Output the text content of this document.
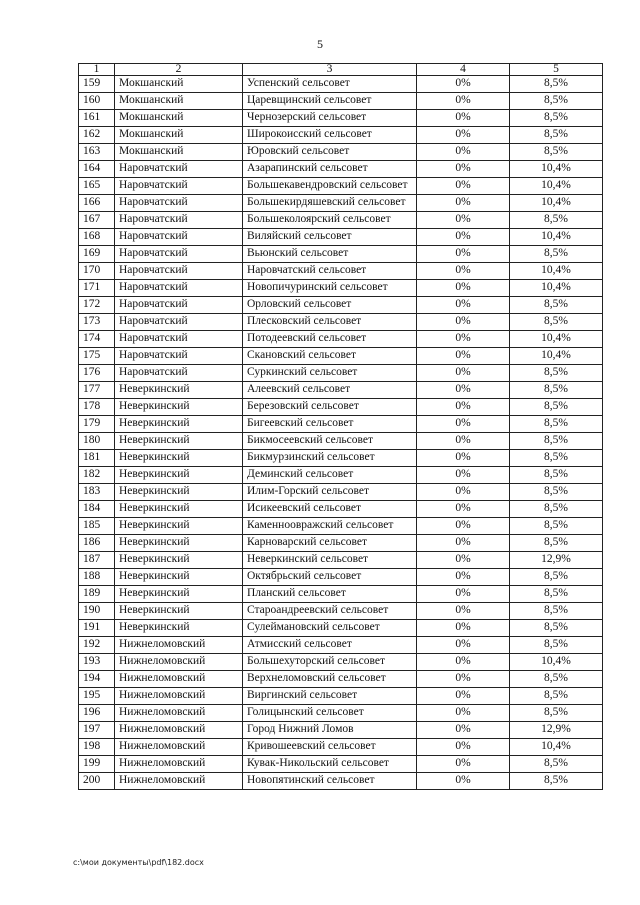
5
1	2	3	4	5
159	Мокшанский	Успенский сельсовет	0%	8,5%
160	Мокшанский	Царевщинский сельсовет	0%	8,5%
161	Мокшанский	Чернозерский сельсовет	0%	8,5%
162	Мокшанский	Широкоисский сельсовет	0%	8,5%
163	Мокшанский	Юровский сельсовет	0%	8,5%
164	Наровчатский	Азарапинский сельсовет	0%	10,4%
165	Наровчатский	Большекавендровский сельсовет	0%	10,4%
166	Наровчатский	Большекирдяшевский сельсовет	0%	10,4%
167	Наровчатский	Большеколояpский сельсовет	0%	8,5%
168	Наровчатский	Виляйский сельсовет	0%	10,4%
169	Наровчатский	Вьюнский сельсовет	0%	8,5%
170	Наровчатский	Наровчатский сельсовет	0%	10,4%
171	Наровчатский	Новопичуринский сельсовет	0%	10,4%
172	Наровчатский	Орловский сельсовет	0%	8,5%
173	Наровчатский	Плесковский сельсовет	0%	8,5%
174	Наровчатский	Потодеевский сельсовет	0%	10,4%
175	Наровчатский	Скановский сельсовет	0%	10,4%
176	Наровчатский	Суркинский сельсовет	0%	8,5%
177	Неверкинский	Алеевский сельсовет	0%	8,5%
178	Неверкинский	Березовский сельсовет	0%	8,5%
179	Неверкинский	Бигеевский сельсовет	0%	8,5%
180	Неверкинский	Бикмосеевский сельсовет	0%	8,5%
181	Неверкинский	Бикмурзинский сельсовет	0%	8,5%
182	Неверкинский	Деминский сельсовет	0%	8,5%
183	Неверкинский	Илим-Горский сельсовет	0%	8,5%
184	Неверкинский	Исикеевский сельсовет	0%	8,5%
185	Неверкинский	Каменноовражский сельсовет	0%	8,5%
186	Неверкинский	Карноварский сельсовет	0%	8,5%
187	Неверкинский	Неверкинский сельсовет	0%	12,9%
188	Неверкинский	Октябрьский сельсовет	0%	8,5%
189	Неверкинский	Планский сельсовет	0%	8,5%
190	Неверкинский	Староандреевский сельсовет	0%	8,5%
191	Неверкинский	Сулеймановский сельсовет	0%	8,5%
192	Нижнеломовский	Атмисский сельсовет	0%	8,5%
193	Нижнеломовский	Большехуторский сельсовет	0%	10,4%
194	Нижнеломовский	Верхнеломовский сельсовет	0%	8,5%
195	Нижнеломовский	Виргинский сельсовет	0%	8,5%
196	Нижнеломовский	Голицынский сельсовет	0%	8,5%
197	Нижнеломовский	Город Нижний Ломов	0%	12,9%
198	Нижнеломовский	Кривошеевский сельсовет	0%	10,4%
199	Нижнеломовский	Кувак-Никольский сельсовет	0%	8,5%
200	Нижнеломовский	Новопятинский сельсовет	0%	8,5%
c:\мои документы\pdf\182.docx
